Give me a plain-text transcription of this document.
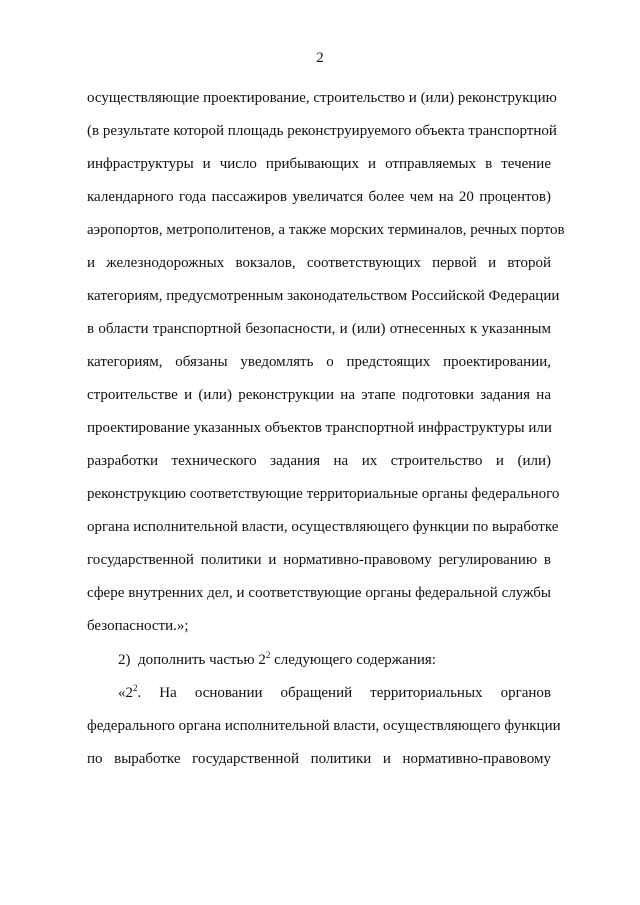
2
осуществляющие проектирование, строительство и (или) реконструкцию
(в результате которой площадь реконструируемого объекта транспортной
инфраструктуры и число прибывающих и отправляемых в течение
календарного года пассажиров увеличатся более чем на 20 процентов)
аэропортов, метрополитенов, а также морских терминалов, речных портов
и железнодорожных вокзалов, соответствующих первой и второй
категориям, предусмотренным законодательством Российской Федерации
в области транспортной безопасности, и (или) отнесенных к указанным
категориям, обязаны уведомлять о предстоящих проектировании,
строительстве и (или) реконструкции на этапе подготовки задания на
проектирование указанных объектов транспортной инфраструктуры или
разработки технического задания на их строительство и (или)
реконструкцию соответствующие территориальные органы федерального
органа исполнительной власти, осуществляющего функции по выработке
государственной политики и нормативно-правовому регулированию в
сфере внутренних дел, и соответствующие органы федеральной службы
безопасности.»;
2)  дополнить частью $2^2$ следующего содержания:
«$2^2$.   На   основании   обращений   территориальных   органов
федерального органа исполнительной власти, осуществляющего функции
по выработке государственной политики и нормативно-правовому
